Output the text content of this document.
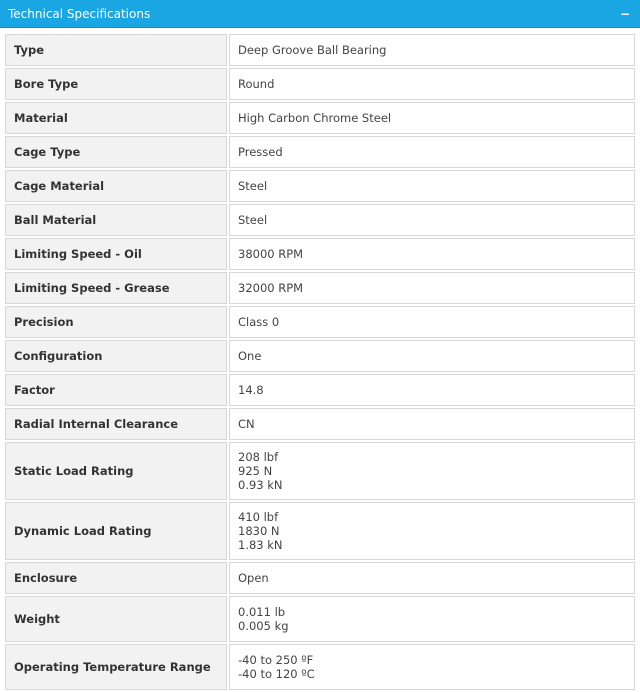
Technical Specifications	−
Type	Deep Groove Ball Bearing

Bore Type	Round

Material	High Carbon Chrome Steel

Cage Type	Pressed

Cage Material	Steel

Ball Material	Steel

Limiting Speed - Oil	38000 RPM

Limiting Speed - Grease	32000 RPM

Precision	Class 0

Configuration	One

Factor	14.8

Radial Internal Clearance	CN

Static Load Rating	208 lbf
925 N
0.93 kN

Dynamic Load Rating	410 lbf
1830 N
1.83 kN

Enclosure	Open

Weight	0.011 lb
0.005 kg

Operating Temperature Range	-40 to 250 ºF
-40 to 120 ºC
